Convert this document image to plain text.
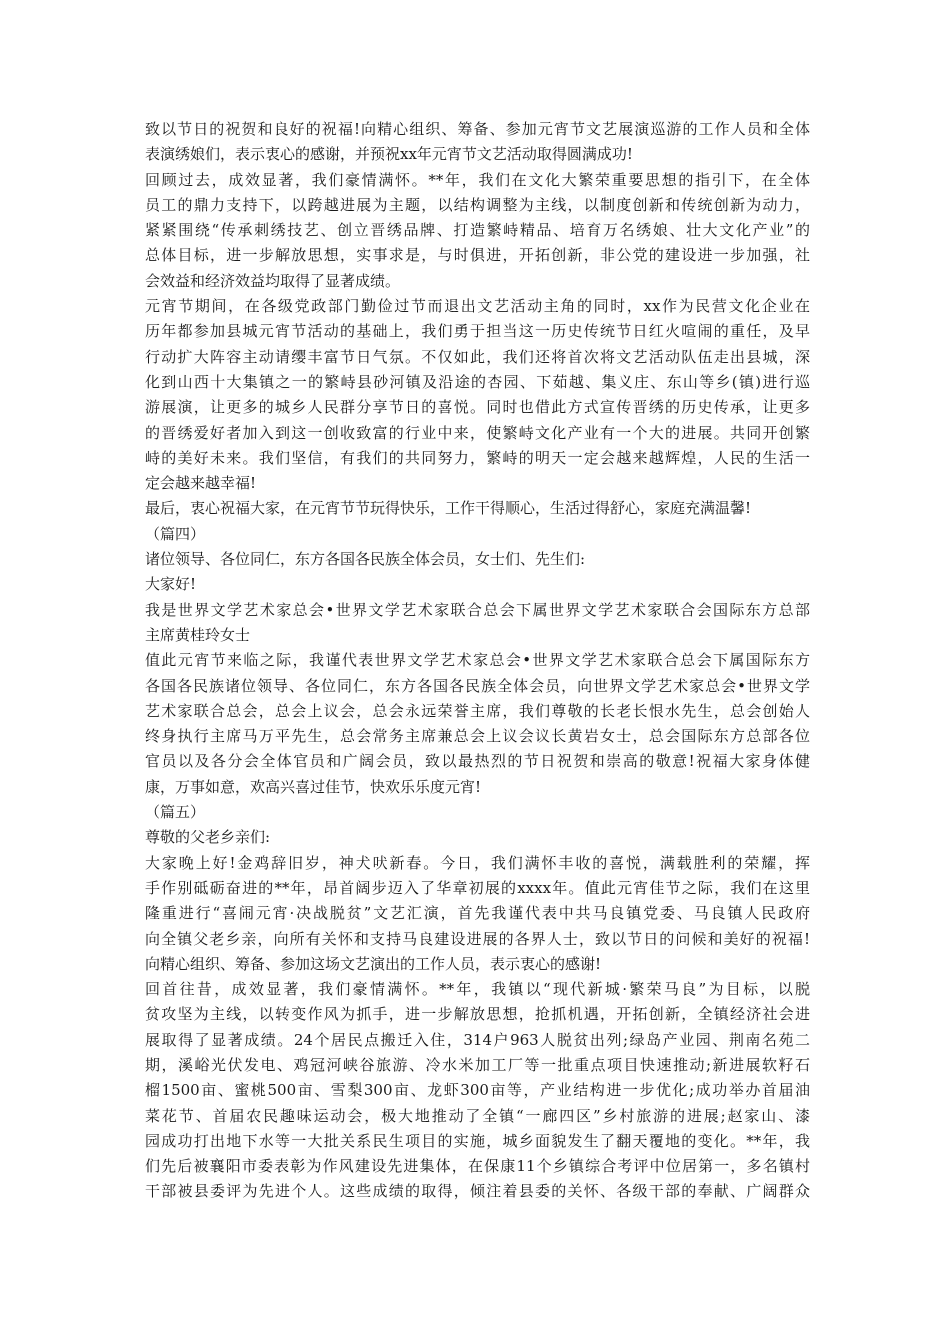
致以节日的祝贺和良好的祝福!向精心组织、筹备、参加元宵节文艺展演巡游的工作人员和全体
表演绣娘们，表示衷心的感谢，并预祝xx年元宵节文艺活动取得圆满成功!
回顾过去，成效显著，我们豪情满怀。**年，我们在文化大繁荣重要思想的指引下，在全体
员工的鼎力支持下，以跨越进展为主题，以结构调整为主线，以制度创新和传统创新为动力，
紧紧围绕“传承刺绣技艺、创立晋绣品牌、打造繁峙精品、培育万名绣娘、壮大文化产业”的
总体目标，进一步解放思想，实事求是，与时俱进，开拓创新，非公党的建设进一步加强，社
会效益和经济效益均取得了显著成绩。
元宵节期间，在各级党政部门勤俭过节而退出文艺活动主角的同时，xx作为民营文化企业在
历年都参加县城元宵节活动的基础上，我们勇于担当这一历史传统节日红火喧闹的重任，及早
行动扩大阵容主动请缨丰富节日气氛。不仅如此，我们还将首次将文艺活动队伍走出县城，深
化到山西十大集镇之一的繁峙县砂河镇及沿途的杏园、下茹越、集义庄、东山等乡(镇)进行巡
游展演，让更多的城乡人民群分享节日的喜悦。同时也借此方式宣传晋绣的历史传承，让更多
的晋绣爱好者加入到这一创收致富的行业中来，使繁峙文化产业有一个大的进展。共同开创繁
峙的美好未来。我们坚信，有我们的共同努力，繁峙的明天一定会越来越辉煌，人民的生活一
定会越来越幸福!
最后，衷心祝福大家，在元宵节节玩得快乐，工作干得顺心，生活过得舒心，家庭充满温馨!
（篇四）
诸位领导、各位同仁，东方各国各民族全体会员，女士们、先生们:
大家好!
我是世界文学艺术家总会•世界文学艺术家联合总会下属世界文学艺术家联合会国际东方总部
主席黄桂玲女士
值此元宵节来临之际，我谨代表世界文学艺术家总会•世界文学艺术家联合总会下属国际东方
各国各民族诸位领导、各位同仁，东方各国各民族全体会员，向世界文学艺术家总会•世界文学
艺术家联合总会，总会上议会，总会永远荣誉主席，我们尊敬的长老长恨水先生，总会创始人
终身执行主席马万平先生，总会常务主席兼总会上议会议长黄岩女士，总会国际东方总部各位
官员以及各分会全体官员和广阔会员，致以最热烈的节日祝贺和崇高的敬意!祝福大家身体健
康，万事如意，欢高兴喜过佳节，快欢乐乐度元宵!
（篇五）
尊敬的父老乡亲们:
大家晚上好!金鸡辞旧岁，神犬吠新春。今日，我们满怀丰收的喜悦，满载胜利的荣耀，挥
手作别砥砺奋进的**年，昂首阔步迈入了华章初展的xxxx年。值此元宵佳节之际，我们在这里
隆重进行“喜闹元宵·决战脱贫”文艺汇演，首先我谨代表中共马良镇党委、马良镇人民政府
向全镇父老乡亲，向所有关怀和支持马良建设进展的各界人士，致以节日的问候和美好的祝福!
向精心组织、筹备、参加这场文艺演出的工作人员，表示衷心的感谢!
回首往昔，成效显著，我们豪情满怀。**年，我镇以“现代新城·繁荣马良”为目标，以脱
贫攻坚为主线，以转变作风为抓手，进一步解放思想，抢抓机遇，开拓创新，全镇经济社会进
展取得了显著成绩。24个居民点搬迁入住，314户963人脱贫出列;绿岛产业园、荆南名苑二
期，溪峪光伏发电、鸡冠河峡谷旅游、冷水米加工厂等一批重点项目快速推动;新进展软籽石
榴1500亩、蜜桃500亩、雪梨300亩、龙虾300亩等，产业结构进一步优化;成功举办首届油
菜花节、首届农民趣味运动会，极大地推动了全镇“一廊四区”乡村旅游的进展;赵家山、漆
园成功打出地下水等一大批关系民生项目的实施，城乡面貌发生了翻天覆地的变化。**年，我
们先后被襄阳市委表彰为作风建设先进集体，在保康11个乡镇综合考评中位居第一，多名镇村
干部被县委评为先进个人。这些成绩的取得，倾注着县委的关怀、各级干部的奉献、广阔群众
